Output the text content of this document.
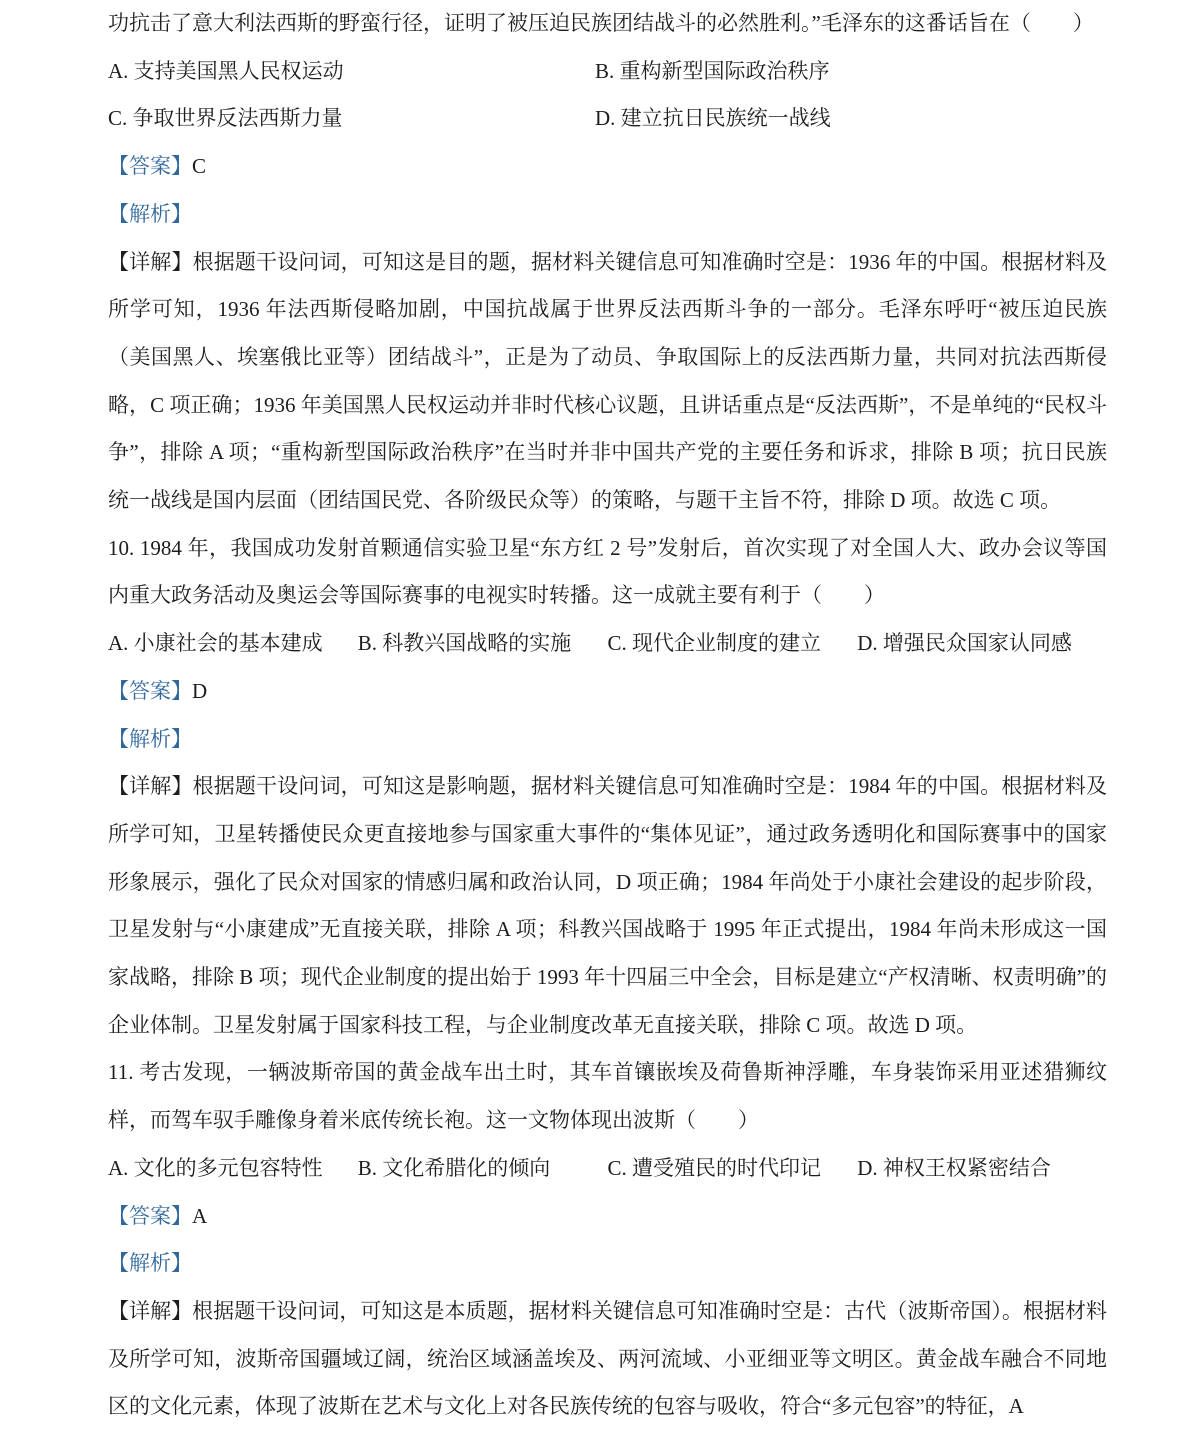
功抗击了意大利法西斯的野蛮行径，证明了被压迫民族团结战斗的必然胜利。”毛泽东的这番话旨在（　　）

A. 支持美国黑人民权运动	B. 重构新型国际政治秩序
C. 争取世界反法西斯力量	D. 建立抗日民族统一战线

【答案】C

【解析】

【详解】根据题干设问词，可知这是目的题，据材料关键信息可知准确时空是：1936 年的中国。根据材料及所学可知，1936 年法西斯侵略加剧，中国抗战属于世界反法西斯斗争的一部分。毛泽东呼吁“被压迫民族（美国黑人、埃塞俄比亚等）团结战斗”，正是为了动员、争取国际上的反法西斯力量，共同对抗法西斯侵略，C 项正确；1936 年美国黑人民权运动并非时代核心议题，且讲话重点是“反法西斯”，不是单纯的“民权斗争”，排除 A 项；“重构新型国际政治秩序”在当时并非中国共产党的主要任务和诉求，排除 B 项；抗日民族统一战线是国内层面（团结国民党、各阶级民众等）的策略，与题干主旨不符，排除 D 项。故选 C 项。

10. 1984 年，我国成功发射首颗通信实验卫星“东方红 2 号”发射后，首次实现了对全国人大、政办会议等国内重大政务活动及奥运会等国际赛事的电视实时转播。这一成就主要有利于（　　）

A. 小康社会的基本建成	B. 科教兴国战略的实施	C. 现代企业制度的建立	D. 增强民众国家认同感

【答案】D

【解析】

【详解】根据题干设问词，可知这是影响题，据材料关键信息可知准确时空是：1984 年的中国。根据材料及所学可知，卫星转播使民众更直接地参与国家重大事件的“集体见证”，通过政务透明化和国际赛事中的国家形象展示，强化了民众对国家的情感归属和政治认同，D 项正确；1984 年尚处于小康社会建设的起步阶段，卫星发射与“小康建成”无直接关联，排除 A 项；科教兴国战略于 1995 年正式提出，1984 年尚未形成这一国家战略，排除 B 项；现代企业制度的提出始于 1993 年十四届三中全会，目标是建立“产权清晰、权责明确”的企业体制。卫星发射属于国家科技工程，与企业制度改革无直接关联，排除 C 项。故选 D 项。

11. 考古发现，一辆波斯帝国的黄金战车出土时，其车首镶嵌埃及荷鲁斯神浮雕，车身装饰采用亚述猎狮纹样，而驾车驭手雕像身着米底传统长袍。这一文物体现出波斯（　　）

A. 文化的多元包容特性	B. 文化希腊化的倾向	C. 遭受殖民的时代印记	D. 神权王权紧密结合

【答案】A

【解析】

【详解】根据题干设问词，可知这是本质题，据材料关键信息可知准确时空是：古代（波斯帝国）。根据材料及所学可知，波斯帝国疆域辽阔，统治区域涵盖埃及、两河流域、小亚细亚等文明区。黄金战车融合不同地区的文化元素，体现了波斯在艺术与文化上对各民族传统的包容与吸收，符合“多元包容”的特征，A
